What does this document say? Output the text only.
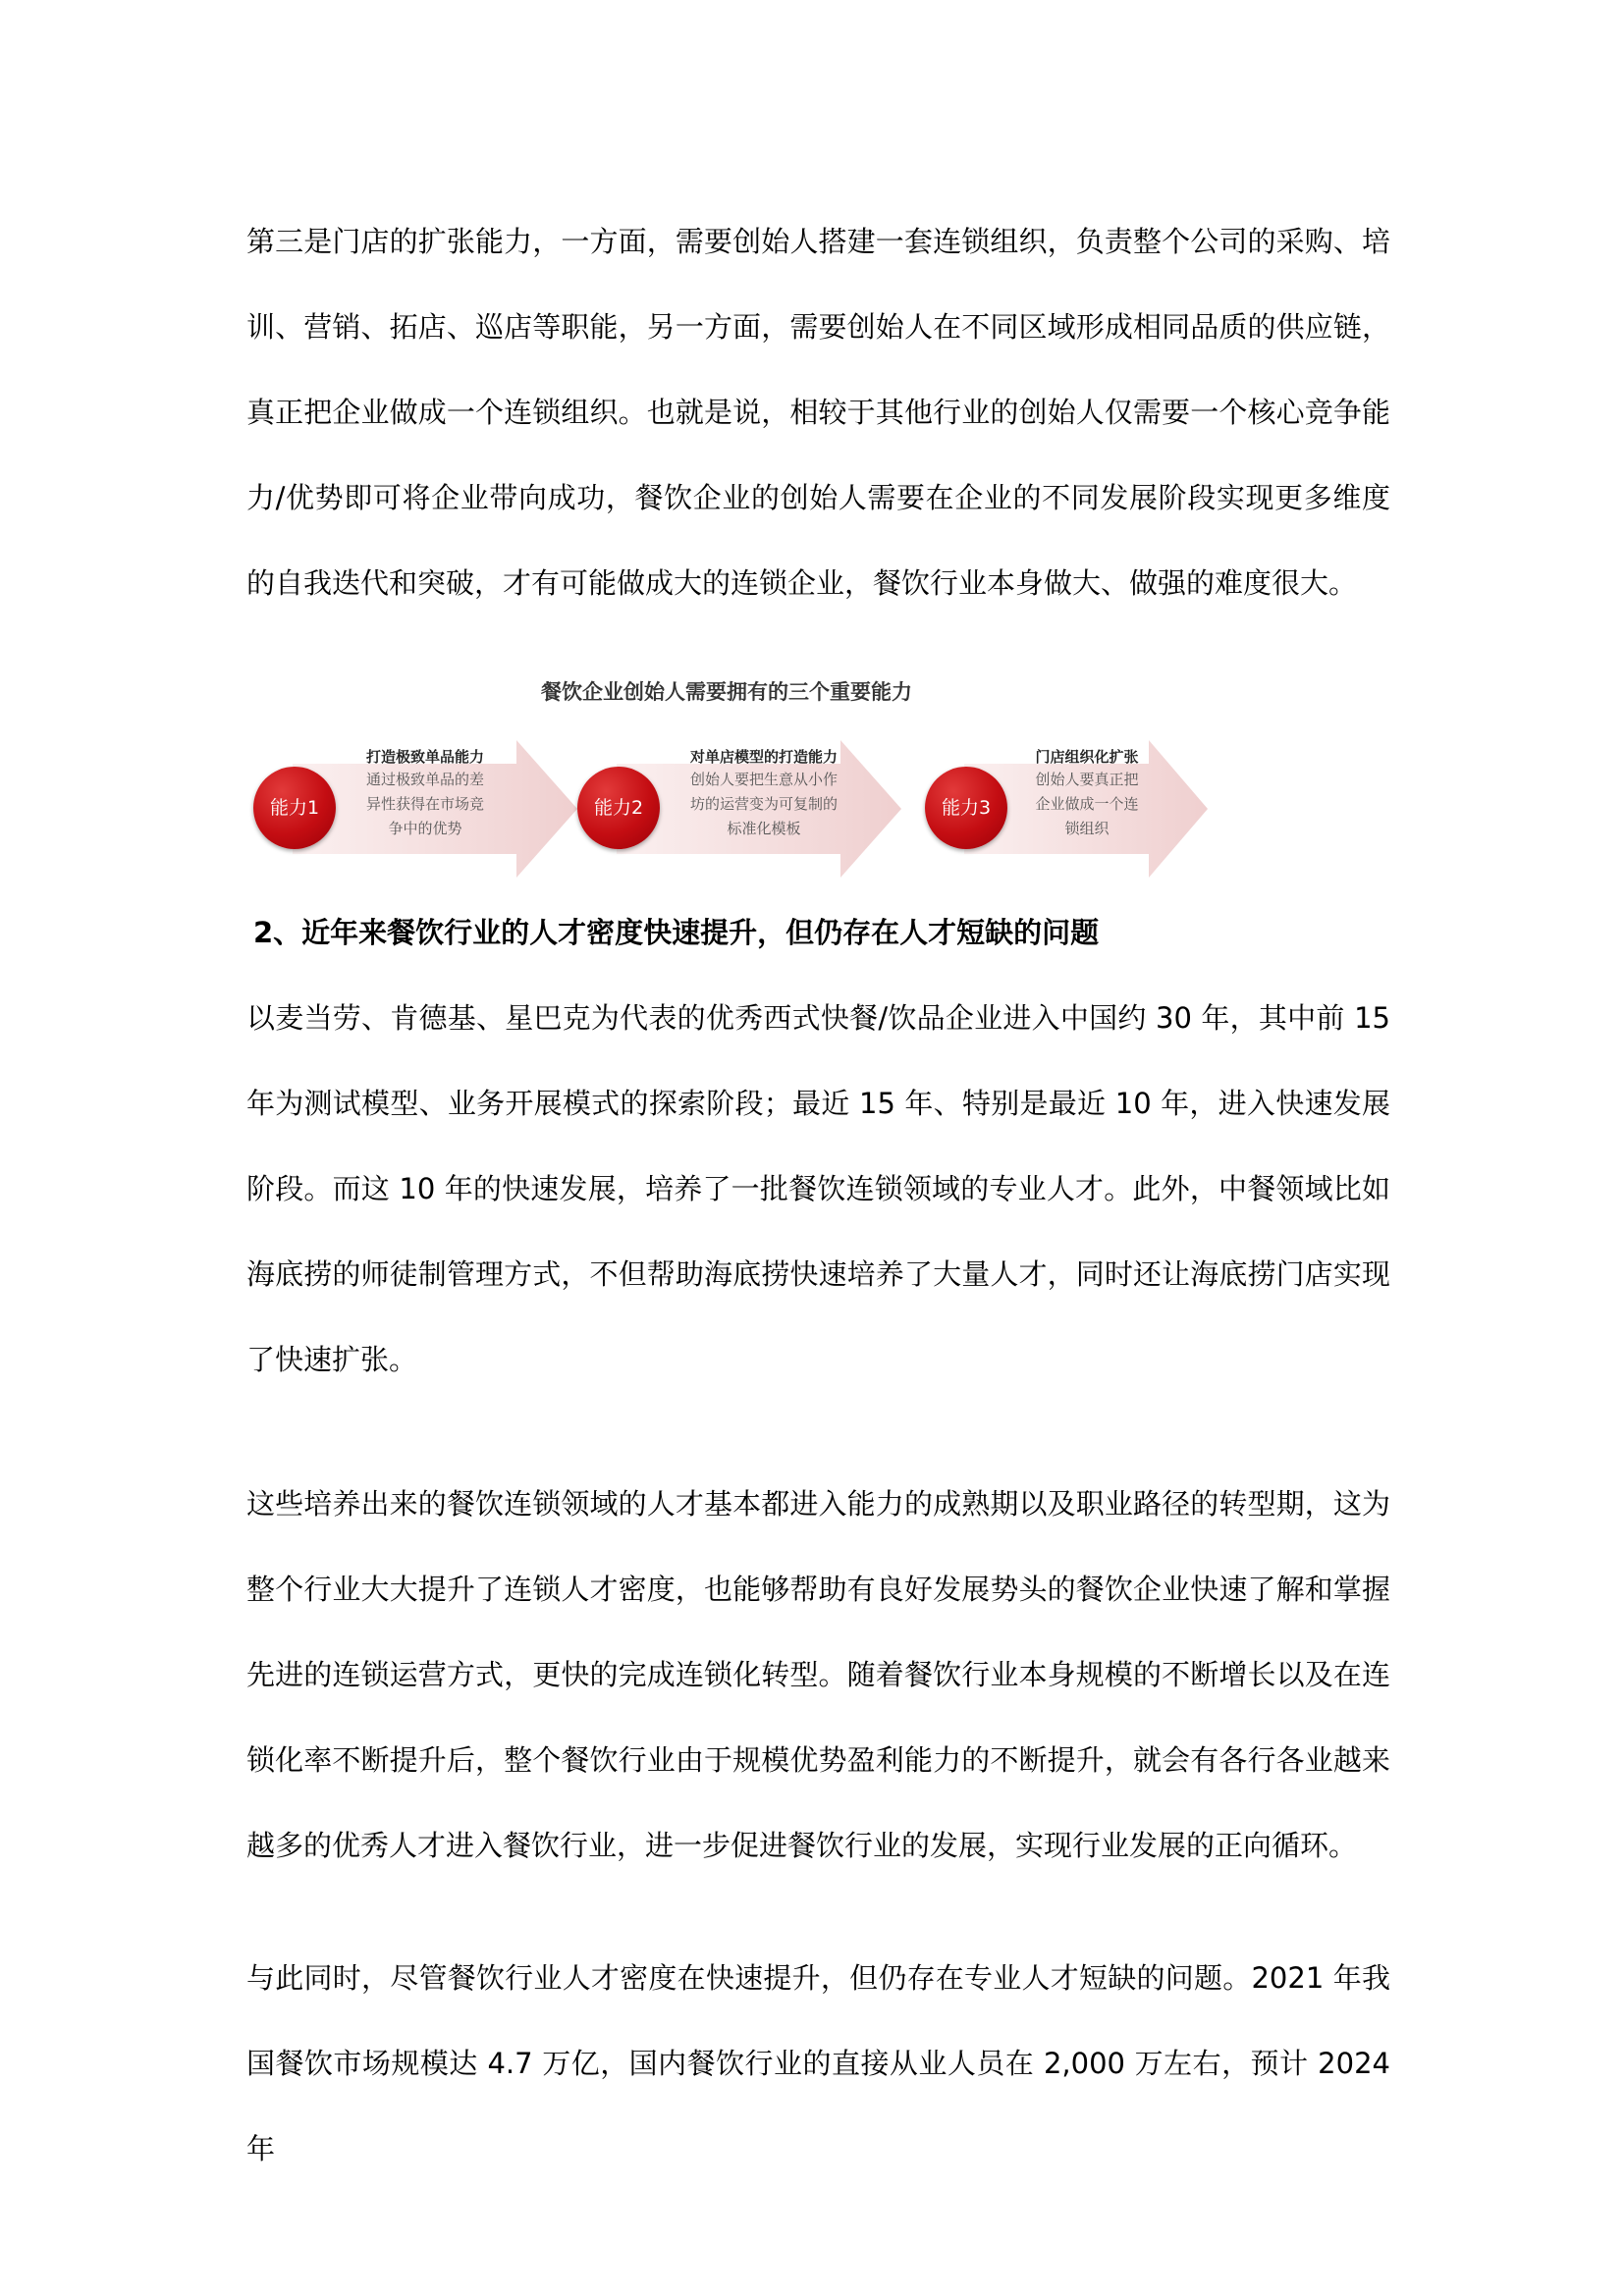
第三是门店的扩张能力，一方面，需要创始人搭建一套连锁组织，负责整个公司的采购、培训、营销、拓店、巡店等职能，另一方面，需要创始人在不同区域形成相同品质的供应链，真正把企业做成一个连锁组织。也就是说，相较于其他行业的创始人仅需要一个核心竞争能力/优势即可将企业带向成功，餐饮企业的创始人需要在企业的不同发展阶段实现更多维度的自我迭代和突破，才有可能做成大的连锁企业，餐饮行业本身做大、做强的难度很大。

餐饮企业创始人需要拥有的三个重要能力
能力1
打造极致单品能力
通过极致单品的差
异性获得在市场竞
争中的优势
能力2
对单店模型的打造能力
创始人要把生意从小作
坊的运营变为可复制的
标准化模板
能力3
门店组织化扩张
创始人要真正把
企业做成一个连
锁组织
2、近年来餐饮行业的人才密度快速提升，但仍存在人才短缺的问题

以麦当劳、肯德基、星巴克为代表的优秀西式快餐/饮品企业进入中国约 30 年，其中前 15 年为测试模型、业务开展模式的探索阶段；最近 15 年、特别是最近 10 年，进入快速发展阶段。而这 10 年的快速发展，培养了一批餐饮连锁领域的专业人才。此外，中餐领域比如海底捞的师徒制管理方式，不但帮助海底捞快速培养了大量人才，同时还让海底捞门店实现了快速扩张。

这些培养出来的餐饮连锁领域的人才基本都进入能力的成熟期以及职业路径的转型期，这为整个行业大大提升了连锁人才密度，也能够帮助有良好发展势头的餐饮企业快速了解和掌握先进的连锁运营方式，更快的完成连锁化转型。随着餐饮行业本身规模的不断增长以及在连锁化率不断提升后，整个餐饮行业由于规模优势盈利能力的不断提升，就会有各行各业越来越多的优秀人才进入餐饮行业，进一步促进餐饮行业的发展，实现行业发展的正向循环。

与此同时，尽管餐饮行业人才密度在快速提升，但仍存在专业人才短缺的问题。2021 年我国餐饮市场规模达 4.7 万亿，国内餐饮行业的直接从业人员在 2,000 万左右，预计 2024 年
